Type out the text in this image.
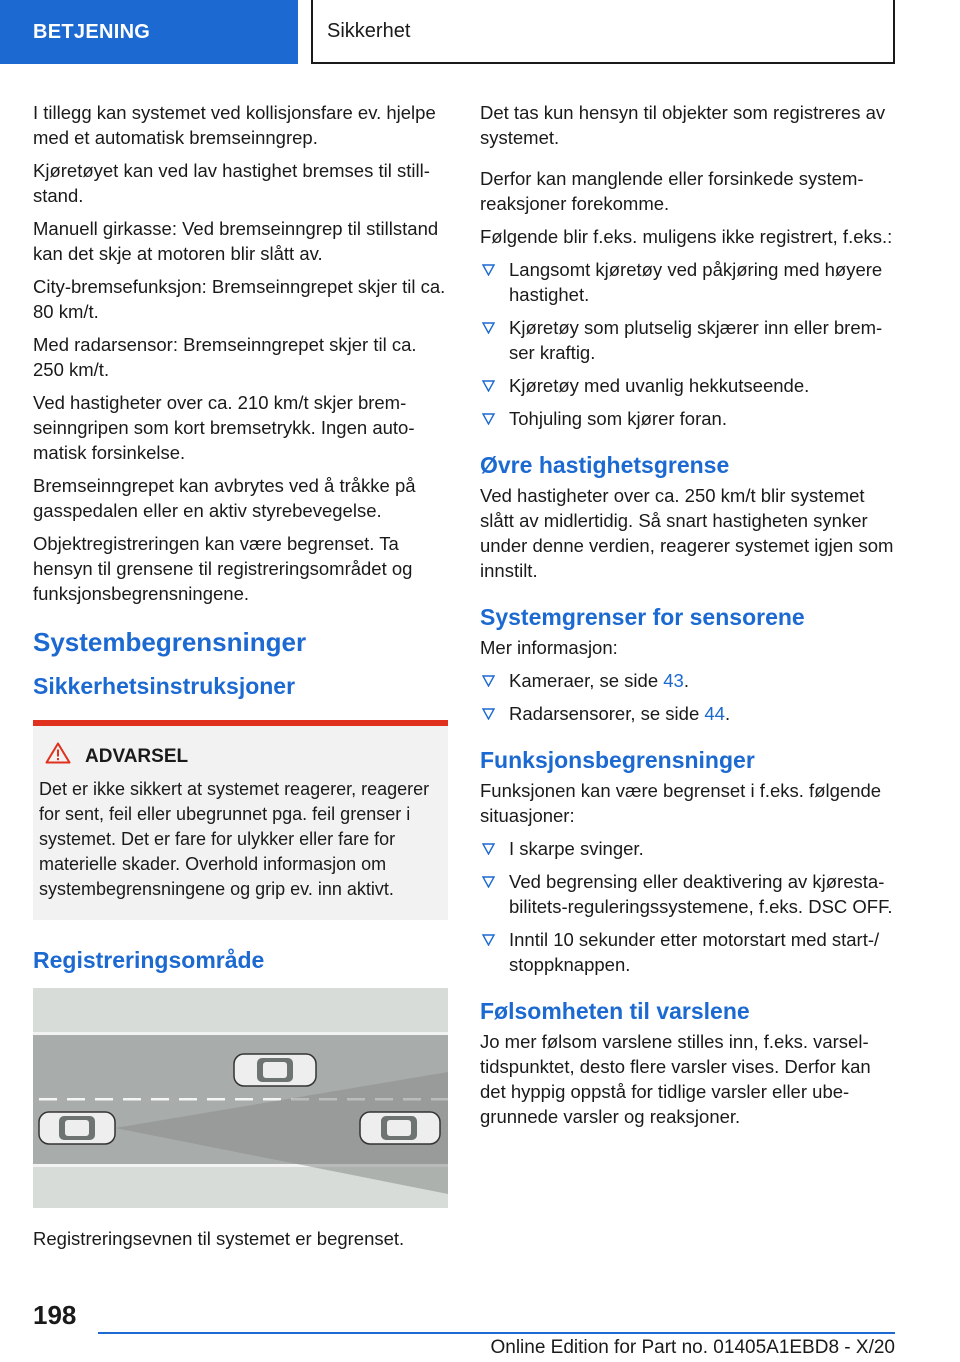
BETJENING	Sikkerhet

I tillegg kan systemet ved kollisjonsfare ev. hjelpe med et automatisk bremseinngrep.

Kjøretøyet kan ved lav hastighet bremses til stillstand.

Manuell girkasse: Ved bremseinngrep til stillstand kan det skje at motoren blir slått av.

City-bremsefunksjon: Bremseinngrepet skjer til ca. 80 km/t.

Med radarsensor: Bremseinngrepet skjer til ca. 250 km/t.

Ved hastigheter over ca. 210 km/t skjer bremseinngripen som kort bremsetrykk. Ingen automatisk forsinkelse.

Bremseinngrepet kan avbrytes ved å tråkke på gasspedalen eller en aktiv styrebevegelse.

Objektregistreringen kan være begrenset. Ta hensyn til grensene til registreringsområdet og funksjonsbegrensningene.

Systembegrensninger
Sikkerhetsinstruksjoner
ADVARSEL
Det er ikke sikkert at systemet reagerer, reagerer for sent, feil eller ubegrunnet pga. feil grenser i systemet. Det er fare for ulykker eller fare for materielle skader. Overhold informasjon om systembegrensningene og grip ev. inn aktivt.
Registreringsområde

Registreringsevnen til systemet er begrenset.

Det tas kun hensyn til objekter som registreres av systemet.

Derfor kan manglende eller forsinkede systemreaksjoner forekomme.

Følgende blir f.eks. muligens ikke registrert, f.eks.:

Langsomt kjøretøy ved påkjøring med høyere hastighet.
Kjøretøy som plutselig skjærer inn eller bremser kraftig.
Kjøretøy med uvanlig hekkutseende.
Tohjuling som kjører foran.
Øvre hastighetsgrense

Ved hastigheter over ca. 250 km/t blir systemet slått av midlertidig. Så snart hastigheten synker under denne verdien, reagerer systemet igjen som innstilt.

Systemgrenser for sensorene

Mer informasjon:

Kameraer, se side 43.
Radarsensorer, se side 44.
Funksjonsbegrensninger

Funksjonen kan være begrenset i f.eks. følgende situasjoner:

I skarpe svinger.
Ved begrensing eller deaktivering av kjørestabilitets-reguleringssystemene, f.eks. DSC OFF.
Inntil 10 sekunder etter motorstart med start-/ stoppknappen.
Følsomheten til varslene

Jo mer følsom varslene stilles inn, f.eks. varseltidspunktet, desto flere varsler vises. Derfor kan det hyppig oppstå for tidlige varsler eller ubegrunnede varsler og reaksjoner.

198
Online Edition for Part no. 01405A1EBD8 - X/20
